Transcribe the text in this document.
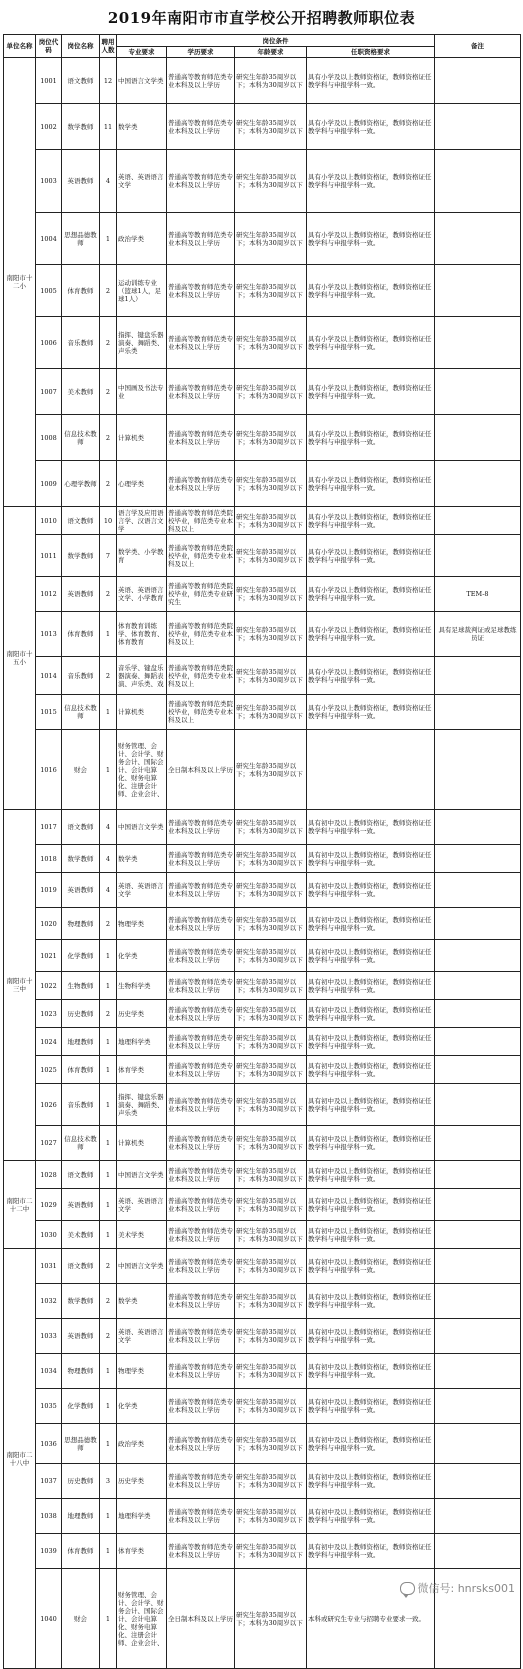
2019年南阳市市直学校公开招聘教师职位表
单位名称	岗位代码	岗位名称	聘用人数	岗位条件				备注
				专业要求	学历要求	年龄要求	任职资格要求	
南阳市十二小	1001	语文教师	12	中国语言文学类	普通高等教育师范类专业本科及以上学历	研究生年龄35周岁以下；本科为30周岁以下	具有小学及以上教师资格证，教师资格证任教学科与申报学科一致。	
	1002	数学教师	11	数学类	普通高等教育师范类专业本科及以上学历	研究生年龄35周岁以下；本科为30周岁以下	具有小学及以上教师资格证，教师资格证任教学科与申报学科一致。	
	1003	英语教师	4	英语、英语语言文学	普通高等教育师范类专业本科及以上学历	研究生年龄35周岁以下；本科为30周岁以下	具有小学及以上教师资格证，教师资格证任教学科与申报学科一致。	
	1004	思想品德教师	1	政治学类	普通高等教育师范类专业本科及以上学历	研究生年龄35周岁以下；本科为30周岁以下	具有小学及以上教师资格证，教师资格证任教学科与申报学科一致。	
	1005	体育教师	2	运动训练专业（篮球1人，足球1人）	普通高等教育师范类专业本科及以上学历	研究生年龄35周岁以下；本科为30周岁以下	具有小学及以上教师资格证，教师资格证任教学科与申报学科一致。	
	1006	音乐教师	2	指挥、键盘乐器演奏、舞蹈类、声乐类	普通高等教育师范类专业本科及以上学历	研究生年龄35周岁以下；本科为30周岁以下	具有小学及以上教师资格证，教师资格证任教学科与申报学科一致。	
	1007	美术教师	2	中国画及书法专业	普通高等教育师范类专业本科及以上学历	研究生年龄35周岁以下；本科为30周岁以下	具有小学及以上教师资格证，教师资格证任教学科与申报学科一致。	
	1008	信息技术教师	2	计算机类	普通高等教育师范类专业本科及以上学历	研究生年龄35周岁以下；本科为30周岁以下	具有小学及以上教师资格证，教师资格证任教学科与申报学科一致。	
	1009	心理学教师	2	心理学类	普通高等教育师范类专业本科及以上学历	研究生年龄35周岁以下；本科为30周岁以下	具有小学及以上教师资格证，教师资格证任教学科与申报学科一致。	
南阳市十五小	1010	语文教师	10	语言学及应用语言学、汉语言文学	普通高等教育师范类院校毕业，师范类专业本科及以上	研究生年龄35周岁以下；本科为30周岁以下	具有小学及以上教师资格证，教师资格证任教学科与申报学科一致。	
	1011	数学教师	7	数学类、小学教育	普通高等教育师范类院校毕业，师范类专业本科及以上	研究生年龄35周岁以下；本科为30周岁以下	具有小学及以上教师资格证，教师资格证任教学科与申报学科一致。	
	1012	英语教师	2	英语、英语语言文学、小学教育	普通高等教育师范类院校毕业，师范类专业研究生	研究生年龄35周岁以下；本科为30周岁以下	具有小学及以上教师资格证，教师资格证任教学科与申报学科一致。	TEM-8
	1013	体育教师	1	体育教育训练学、体育教育、体育教育	普通高等教育师范类院校毕业，师范类专业本科及以上	研究生年龄35周岁以下；本科为30周岁以下	具有小学及以上教师资格证，教师资格证任教学科与申报学科一致。	具有足球裁判证或足球教练员证
	1014	音乐教师	2	音乐学、键盘乐器演奏、舞蹈表演、声乐类、戏	普通高等教育师范类院校毕业，师范类专业本科及以上	研究生年龄35周岁以下；本科为30周岁以下	具有小学及以上教师资格证，教师资格证任教学科与申报学科一致。	
	1015	信息技术教师	1	计算机类	普通高等教育师范类院校毕业，师范类专业本科及以上	研究生年龄35周岁以下；本科为30周岁以下	具有小学及以上教师资格证，教师资格证任教学科与申报学科一致。	
	1016	财会	1	财务管理、会计、会计学、财务会计、国际会计、会计电算化、财务电算化、注册会计师、企业会计、	全日制本科及以上学历	研究生年龄35周岁以下；本科为30周岁以下		
南阳市十三中	1017	语文教师	4	中国语言文学类	普通高等教育师范类专业本科及以上学历	研究生年龄35周岁以下；本科为30周岁以下	具有初中及以上教师资格证，教师资格证任教学科与申报学科一致。	
	1018	数学教师	4	数学类	普通高等教育师范类专业本科及以上学历	研究生年龄35周岁以下；本科为30周岁以下	具有初中及以上教师资格证，教师资格证任教学科与申报学科一致。	
	1019	英语教师	4	英语、英语语言文学	普通高等教育师范类专业本科及以上学历	研究生年龄35周岁以下；本科为30周岁以下	具有初中及以上教师资格证，教师资格证任教学科与申报学科一致。	
	1020	物理教师	2	物理学类	普通高等教育师范类专业本科及以上学历	研究生年龄35周岁以下；本科为30周岁以下	具有初中及以上教师资格证，教师资格证任教学科与申报学科一致。	
	1021	化学教师	1	化学类	普通高等教育师范类专业本科及以上学历	研究生年龄35周岁以下；本科为30周岁以下	具有初中及以上教师资格证，教师资格证任教学科与申报学科一致。	
	1022	生物教师	1	生物科学类	普通高等教育师范类专业本科及以上学历	研究生年龄35周岁以下；本科为30周岁以下	具有初中及以上教师资格证，教师资格证任教学科与申报学科一致。	
	1023	历史教师	2	历史学类	普通高等教育师范类专业本科及以上学历	研究生年龄35周岁以下；本科为30周岁以下	具有初中及以上教师资格证，教师资格证任教学科与申报学科一致。	
	1024	地理教师	1	地理科学类	普通高等教育师范类专业本科及以上学历	研究生年龄35周岁以下；本科为30周岁以下	具有初中及以上教师资格证，教师资格证任教学科与申报学科一致。	
	1025	体育教师	1	体育学类	普通高等教育师范类专业本科及以上学历	研究生年龄35周岁以下；本科为30周岁以下	具有初中及以上教师资格证，教师资格证任教学科与申报学科一致。	
	1026	音乐教师	1	指挥、键盘乐器演奏、舞蹈类、声乐类	普通高等教育师范类专业本科及以上学历	研究生年龄35周岁以下；本科为30周岁以下	具有初中及以上教师资格证，教师资格证任教学科与申报学科一致。	
	1027	信息技术教师	1	计算机类	普通高等教育师范类专业本科及以上学历	研究生年龄35周岁以下；本科为30周岁以下	具有初中及以上教师资格证，教师资格证任教学科与申报学科一致。	
南阳市二十二中	1028	语文教师	1	中国语言文学类	普通高等教育师范类专业本科及以上学历	研究生年龄35周岁以下；本科为30周岁以下	具有初中及以上教师资格证，教师资格证任教学科与申报学科一致。	
	1029	英语教师	1	英语、英语语言文学	普通高等教育师范类专业本科及以上学历	研究生年龄35周岁以下；本科为30周岁以下	具有初中及以上教师资格证，教师资格证任教学科与申报学科一致。	
	1030	美术教师	1	美术学类	普通高等教育师范类专业本科及以上学历	研究生年龄35周岁以下；本科为30周岁以下	具有初中及以上教师资格证，教师资格证任教学科与申报学科一致。	
南阳市二十八中	1031	语文教师	2	中国语言文学类	普通高等教育师范类专业本科及以上学历	研究生年龄35周岁以下；本科为30周岁以下	具有初中及以上教师资格证，教师资格证任教学科与申报学科一致。	
	1032	数学教师	2	数学类	普通高等教育师范类专业本科及以上学历	研究生年龄35周岁以下；本科为30周岁以下	具有初中及以上教师资格证，教师资格证任教学科与申报学科一致。	
	1033	英语教师	2	英语、英语语言文学	普通高等教育师范类专业本科及以上学历	研究生年龄35周岁以下；本科为30周岁以下	具有初中及以上教师资格证，教师资格证任教学科与申报学科一致。	
	1034	物理教师	1	物理学类	普通高等教育师范类专业本科及以上学历	研究生年龄35周岁以下；本科为30周岁以下	具有初中及以上教师资格证，教师资格证任教学科与申报学科一致。	
	1035	化学教师	1	化学类	普通高等教育师范类专业本科及以上学历	研究生年龄35周岁以下；本科为30周岁以下	具有初中及以上教师资格证，教师资格证任教学科与申报学科一致。	
	1036	思想品德教师	1	政治学类	普通高等教育师范类专业本科及以上学历	研究生年龄35周岁以下；本科为30周岁以下	具有初中及以上教师资格证，教师资格证任教学科与申报学科一致。	
	1037	历史教师	3	历史学类	普通高等教育师范类专业本科及以上学历	研究生年龄35周岁以下；本科为30周岁以下	具有初中及以上教师资格证，教师资格证任教学科与申报学科一致。	
	1038	地理教师	1	地理科学类	普通高等教育师范类专业本科及以上学历	研究生年龄35周岁以下；本科为30周岁以下	具有初中及以上教师资格证，教师资格证任教学科与申报学科一致。	
	1039	体育教师	1	体育学类	普通高等教育师范类专业本科及以上学历	研究生年龄35周岁以下；本科为30周岁以下	具有初中及以上教师资格证，教师资格证任教学科与申报学科一致。	
	1040	财会	1	财务管理、会计、会计学、财务会计、国际会计、会计电算化、财务电算化、注册会计师、企业会计、	全日制本科及以上学历	研究生年龄35周岁以下；本科为30周岁以下	本科或研究生专业与招聘专业要求一致。	
微信号: hnrsks001
